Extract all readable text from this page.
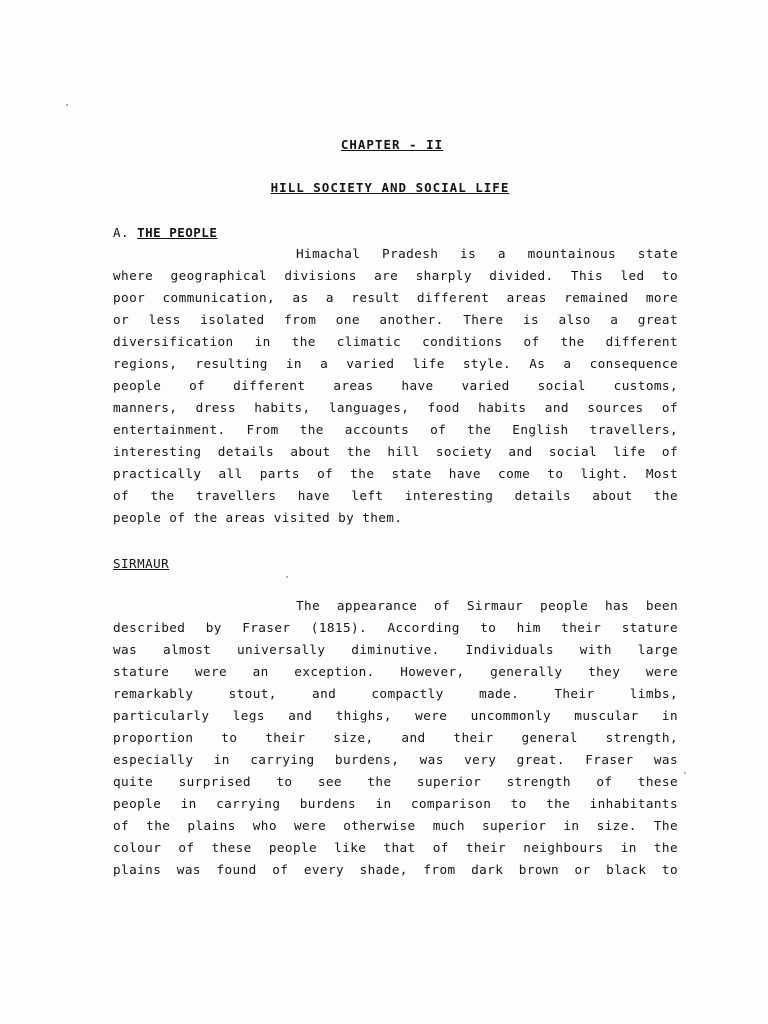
CHAPTER - II
HILL SOCIETY AND SOCIAL LIFE
A. THE PEOPLE
Himachal Pradesh is a mountainous state
where geographical divisions are sharply divided. This led to
poor communication, as a result different areas remained more
or less isolated from one another. There is also a great
diversification in the climatic conditions of the different
regions, resulting in a varied life style. As a consequence
people of different areas have varied social customs,
manners, dress habits, languages, food habits and sources of
entertainment. From the accounts of the English travellers,
interesting details about the hill society and social life of
practically all parts of the state have come to light. Most
of the travellers have left interesting details about the
people of the areas visited by them.
SIRMAUR
The appearance of Sirmaur people has been
described by Fraser (1815). According to him their stature
was almost universally diminutive. Individuals with large
stature were an exception. However, generally they were
remarkably stout, and compactly made. Their limbs,
particularly legs and thighs, were uncommonly muscular in
proportion to their size, and their general strength,
especially in carrying burdens, was very great. Fraser was
quite surprised to see the superior strength of these
people in carrying burdens in comparison to the inhabitants
of the plains who were otherwise much superior in size. The
colour of these people like that of their neighbours in the
plains was found of every shade, from dark brown or black to
